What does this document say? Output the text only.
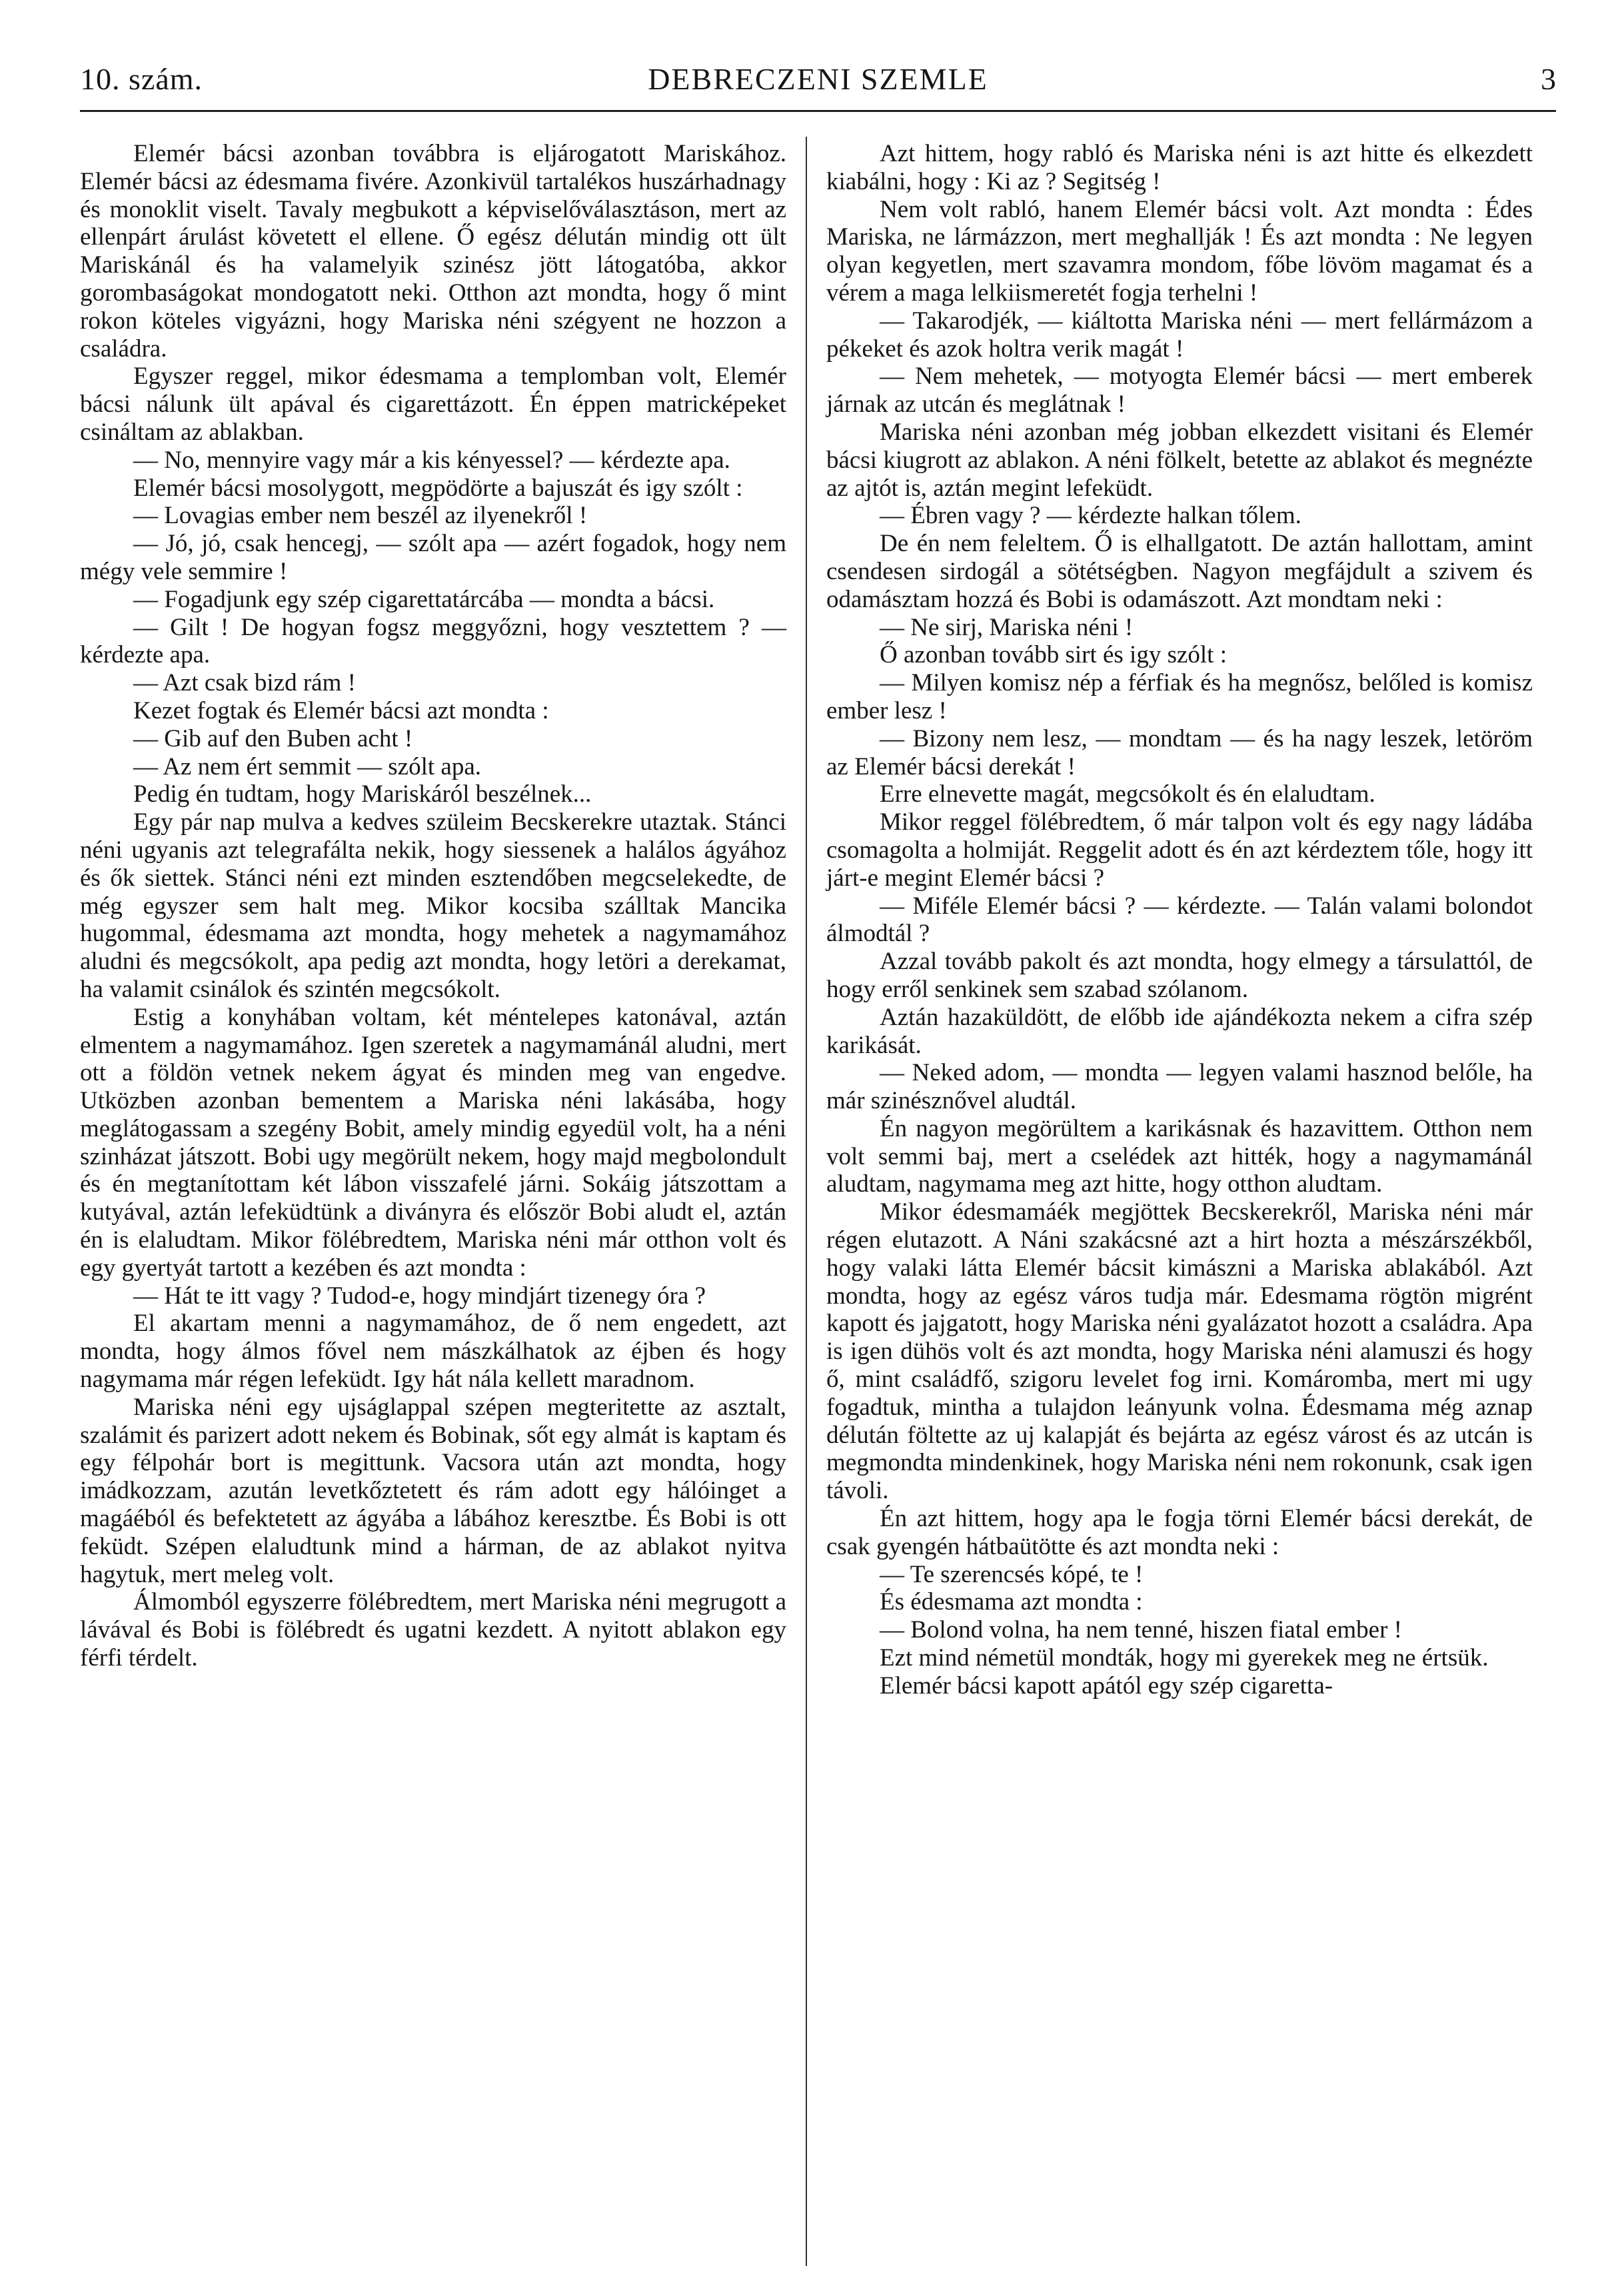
10. szám.	DEBRECZENI SZEMLE	3

Elemér bácsi azonban továbbra is eljárogatott Mariskához. Elemér bácsi az édesmama fivére. Azonkivül tartalékos huszárhadnagy és monoklit viselt. Tavaly megbukott a képviselőválasztáson, mert az ellenpárt árulást követett el ellene. Ő egész délután mindig ott ült Mariskánál és ha valamelyik szinész jött látogatóba, akkor gorombaságokat mondogatott neki. Otthon azt mondta, hogy ő mint rokon köteles vigyázni, hogy Mariska néni szégyent ne hozzon a családra.

Egyszer reggel, mikor édesmama a templomban volt, Elemér bácsi nálunk ült apával és cigarettázott. Én éppen matricképeket csináltam az ablakban.

— No, mennyire vagy már a kis kényessel? — kérdezte apa.

Elemér bácsi mosolygott, megpödörte a bajuszát és igy szólt :

— Lovagias ember nem beszél az ilyenekről !

— Jó, jó, csak hencegj, — szólt apa — azért fogadok, hogy nem mégy vele semmire !

— Fogadjunk egy szép cigarettatárcába — mondta a bácsi.

— Gilt ! De hogyan fogsz meggyőzni, hogy vesztettem ? — kérdezte apa.

— Azt csak bizd rám !

Kezet fogtak és Elemér bácsi azt mondta :

— Gib auf den Buben acht !

— Az nem ért semmit — szólt apa.

Pedig én tudtam, hogy Mariskáról beszélnek...

Egy pár nap mulva a kedves szüleim Becskerekre utaztak. Stánci néni ugyanis azt telegrafálta nekik, hogy siessenek a halálos ágyához és ők siettek. Stánci néni ezt minden esztendőben megcselekedte, de még egyszer sem halt meg. Mikor kocsiba szálltak Mancika hugommal, édesmama azt mondta, hogy mehetek a nagymamához aludni és megcsókolt, apa pedig azt mondta, hogy letöri a derekamat, ha valamit csinálok és szintén megcsókolt.

Estig a konyhában voltam, két méntelepes katonával, aztán elmentem a nagymamához. Igen szeretek a nagymamánál aludni, mert ott a földön vetnek nekem ágyat és minden meg van engedve. Utközben azonban bementem a Mariska néni lakásába, hogy meglátogassam a szegény Bobit, amely mindig egyedül volt, ha a néni szinházat játszott. Bobi ugy megörült nekem, hogy majd megbolondult és én megtanítottam két lábon visszafelé járni. Sokáig játszottam a kutyával, aztán lefeküdtünk a diványra és először Bobi aludt el, aztán én is elaludtam. Mikor fölébredtem, Mariska néni már otthon volt és egy gyertyát tartott a kezében és azt mondta :

— Hát te itt vagy ? Tudod-e, hogy mindjárt tizenegy óra ?

El akartam menni a nagymamához, de ő nem engedett, azt mondta, hogy álmos fővel nem mászkálhatok az éjben és hogy nagymama már régen lefeküdt. Igy hát nála kellett maradnom.

Mariska néni egy ujságlappal szépen megteritette az asztalt, szalámit és parizert adott nekem és Bobinak, sőt egy almát is kaptam és egy félpohár bort is megittunk. Vacsora után azt mondta, hogy imádkozzam, azután levetkőztetett és rám adott egy hálóinget a magáéból és befektetett az ágyába a lábához keresztbe. És Bobi is ott feküdt. Szépen elaludtunk mind a hárman, de az ablakot nyitva hagytuk, mert meleg volt.

Álmomból egyszerre fölébredtem, mert Mariska néni megrugott a lávával és Bobi is fölébredt és ugatni kezdett. A nyitott ablakon egy férfi térdelt.

Azt hittem, hogy rabló és Mariska néni is azt hitte és elkezdett kiabálni, hogy : Ki az ? Segitség !

Nem volt rabló, hanem Elemér bácsi volt. Azt mondta : Édes Mariska, ne lármázzon, mert meghallják ! És azt mondta : Ne legyen olyan kegyetlen, mert szavamra mondom, főbe lövöm magamat és a vérem a maga lelkiismeretét fogja terhelni !

— Takarodjék, — kiáltotta Mariska néni — mert fellármázom a pékeket és azok holtra verik magát !

— Nem mehetek, — motyogta Elemér bácsi — mert emberek járnak az utcán és meglátnak !

Mariska néni azonban még jobban elkezdett visitani és Elemér bácsi kiugrott az ablakon. A néni fölkelt, betette az ablakot és megnézte az ajtót is, aztán megint lefeküdt.

— Ébren vagy ? — kérdezte halkan tőlem.

De én nem feleltem. Ő is elhallgatott. De aztán hallottam, amint csendesen sirdogál a sötétségben. Nagyon megfájdult a szivem és odamásztam hozzá és Bobi is odamászott. Azt mondtam neki :

— Ne sirj, Mariska néni !

Ő azonban tovább sirt és igy szólt :

— Milyen komisz nép a férfiak és ha megnősz, belőled is komisz ember lesz !

— Bizony nem lesz, — mondtam — és ha nagy leszek, letöröm az Elemér bácsi derekát !

Erre elnevette magát, megcsókolt és én elaludtam.

Mikor reggel fölébredtem, ő már talpon volt és egy nagy ládába csomagolta a holmiját. Reggelit adott és én azt kérdeztem tőle, hogy itt járt-e megint Elemér bácsi ?

— Miféle Elemér bácsi ? — kérdezte. — Talán valami bolondot álmodtál ?

Azzal tovább pakolt és azt mondta, hogy elmegy a társulattól, de hogy erről senkinek sem szabad szólanom.

Aztán hazaküldött, de előbb ide ajándékozta nekem a cifra szép karikását.

— Neked adom, — mondta — legyen valami hasznod belőle, ha már szinésznővel aludtál.

Én nagyon megörültem a karikásnak és hazavittem. Otthon nem volt semmi baj, mert a cselédek azt hitték, hogy a nagymamánál aludtam, nagymama meg azt hitte, hogy otthon aludtam.

Mikor édesmamáék megjöttek Becskerekről, Mariska néni már régen elutazott. A Náni szakácsné azt a hirt hozta a mészárszékből, hogy valaki látta Elemér bácsit kimászni a Mariska ablakából. Azt mondta, hogy az egész város tudja már. Edesmama rögtön migrént kapott és jajgatott, hogy Mariska néni gyalázatot hozott a családra. Apa is igen dühös volt és azt mondta, hogy Mariska néni alamuszi és hogy ő, mint családfő, szigoru levelet fog irni. Komáromba, mert mi ugy fogadtuk, mintha a tulajdon leányunk volna. Édesmama még aznap délután föltette az uj kalapját és bejárta az egész várost és az utcán is megmondta mindenkinek, hogy Mariska néni nem rokonunk, csak igen távoli.

Én azt hittem, hogy apa le fogja törni Elemér bácsi derekát, de csak gyengén hátbaütötte és azt mondta neki :

— Te szerencsés kópé, te !

És édesmama azt mondta :

— Bolond volna, ha nem tenné, hiszen fiatal ember !

Ezt mind németül mondták, hogy mi gyerekek meg ne értsük.

Elemér bácsi kapott apától egy szép cigaretta-
